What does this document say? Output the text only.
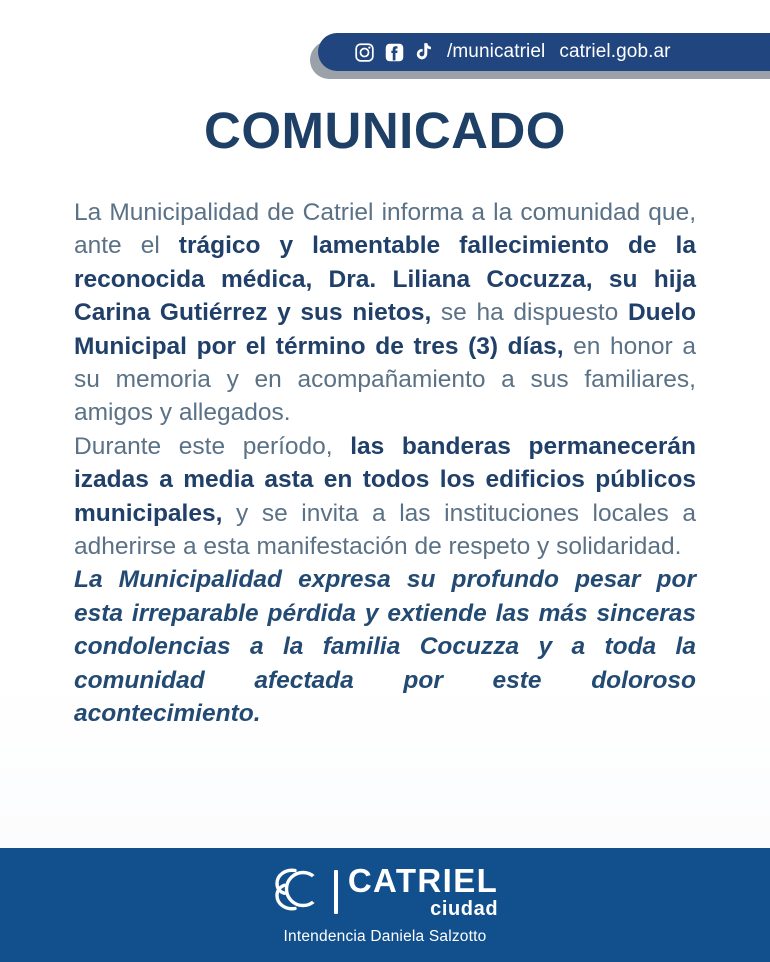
/municatriel catriel.gob.ar
COMUNICADO

La Municipalidad de Catriel informa a la comunidad que, ante el trágico y lamentable fallecimiento de la reconocida médica, Dra. Liliana Cocuzza, su hija Carina Gutiérrez y sus nietos, se ha dispuesto Duelo Municipal por el término de tres (3) días, en honor a su memoria y en acompañamiento a sus familiares, amigos y allegados.

Durante este período, las banderas permanecerán izadas a media asta en todos los edificios públicos municipales, y se invita a las instituciones locales a adherirse a esta manifestación de respeto y solidaridad.

La Municipalidad expresa su profundo pesar por esta irreparable pérdida y extiende las más sinceras condolencias a la familia Cocuzza y a toda la comunidad afectada por este doloroso acontecimiento.

CATRIEL
ciudad
Intendencia Daniela Salzotto
